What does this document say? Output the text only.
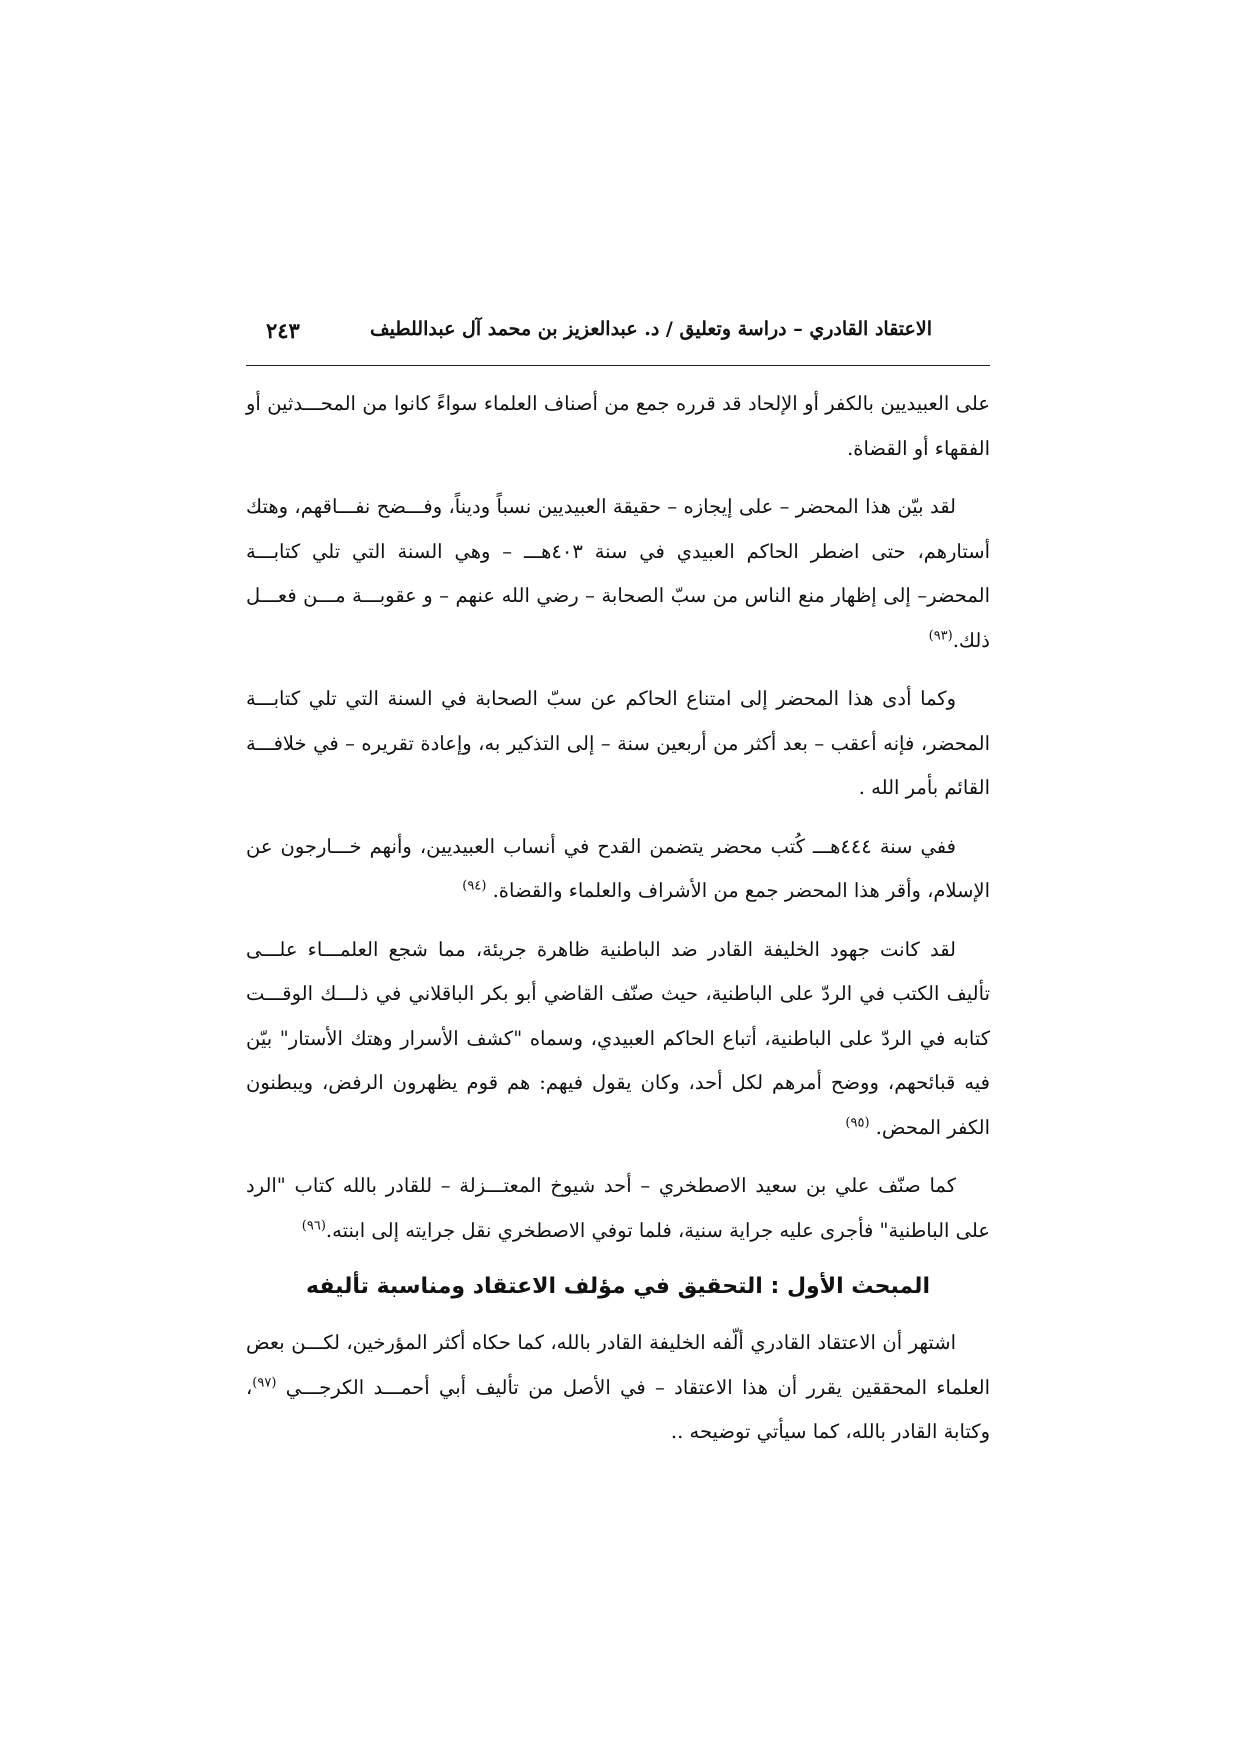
الاعتقاد القادري – دراسة وتعليق / د. عبدالعزيز بن محمد آل عبداللطيف
٢٤٣

على العبيديين بالكفر أو الإلحاد قد قرره جمع من أصناف العلماء سواءً كانوا من المحـــدثين أو الفقهاء أو القضاة.

لقد بيّن هذا المحضر – على إيجازه – حقيقة العبيديين نسباً وديناً، وفـــضح نفـــاقهم، وهتك أستارهم، حتى اضطر الحاكم العبيدي في سنة ٤٠٣هـــ – وهي السنة التي تلي كتابـــة المحضر– إلى إظهار منع الناس من سبّ الصحابة – رضي الله عنهم – و عقوبـــة مـــن فعـــل ذلك.$^{(٩٣)}$

وكما أدى هذا المحضر إلى امتناع الحاكم عن سبّ الصحابة في السنة التي تلي كتابـــة المحضر، فإنه أعقب – بعد أكثر من أربعين سنة – إلى التذكير به، وإعادة تقريره – في خلافـــة القائم بأمر الله .

ففي سنة ٤٤٤هـــ كُتب محضر يتضمن القدح في أنساب العبيديين، وأنهم خـــارجون عن الإسلام، وأقر هذا المحضر جمع من الأشراف والعلماء والقضاة. $^{(٩٤)}$

لقد كانت جهود الخليفة القادر ضد الباطنية ظاهرة جريئة، مما شجع العلمـــاء علـــى تأليف الكتب في الردّ على الباطنية، حيث صنّف القاضي أبو بكر الباقلاني في ذلـــك الوقـــت كتابه في الردّ على الباطنية، أتباع الحاكم العبيدي، وسماه "كشف الأسرار وهتك الأستار" بيّن فيه قبائحهم، ووضح أمرهم لكل أحد، وكان يقول فيهم: هم قوم يظهرون الرفض، ويبطنون الكفر المحض. $^{(٩٥)}$

كما صنّف علي بن سعيد الاصطخري – أحد شيوخ المعتـــزلة – للقادر بالله كتاب "الرد على الباطنية" فأجرى عليه جراية سنية، فلما توفي الاصطخري نقل جرايته إلى ابنته.$^{(٩٦)}$

المبحث الأول : التحقيق في مؤلف الاعتقاد ومناسبة تأليفه

اشتهر أن الاعتقاد القادري ألّفه الخليفة القادر بالله، كما حكاه أكثر المؤرخين، لكـــن بعض العلماء المحققين يقرر أن هذا الاعتقاد – في الأصل من تأليف أبي أحمـــد الكرجـــي $^{(٩٧)}$، وكتابة القادر بالله، كما سيأتي توضيحه ..
